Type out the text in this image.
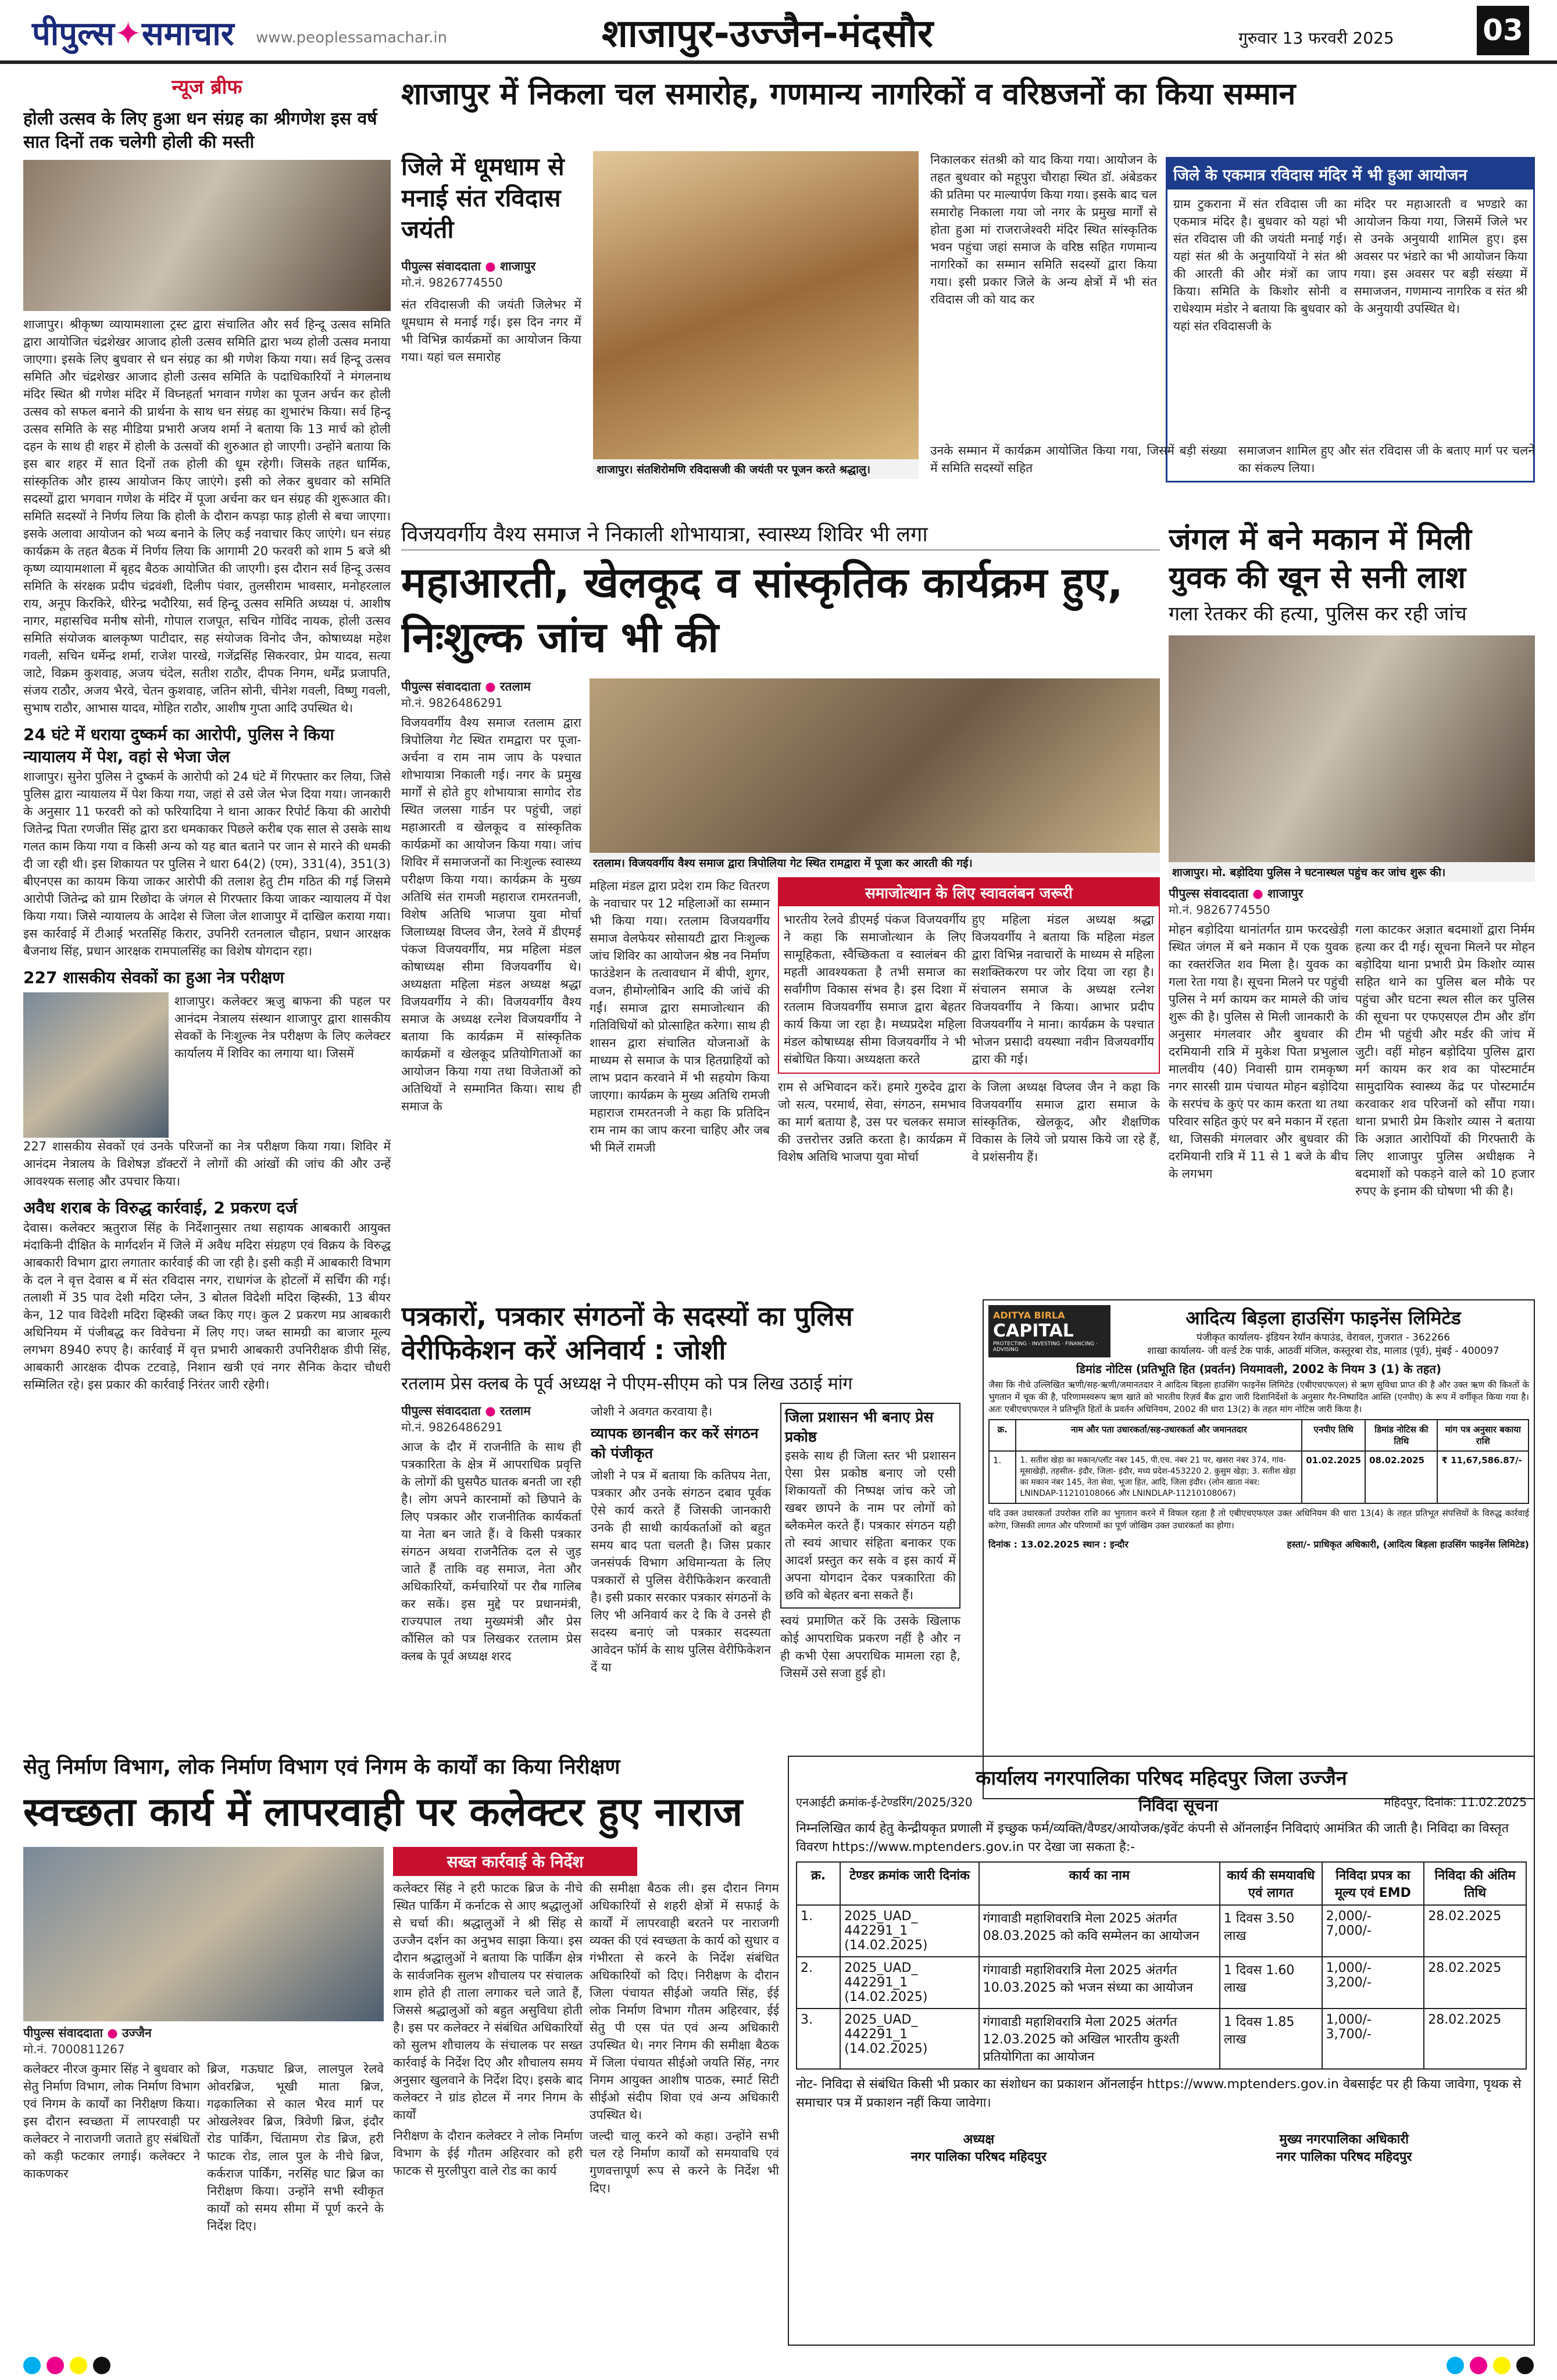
पीपुल्स✦समाचार www.peoplessamachar.in	शाजापुर-उज्जैन-मंदसौर	गुरुवार 13 फरवरी 2025	03
न्यूज ब्रीफ
होली उत्सव के लिए हुआ धन संग्रह का श्रीगणेश इस वर्ष सात दिनों तक चलेगी होली की मस्ती
शाजापुर। श्रीकृष्ण व्यायामशाला ट्रस्ट द्वारा संचालित और सर्व हिन्दू उत्सव समिति द्वारा आयोजित चंद्रशेखर आजाद होली उत्सव समिति द्वारा भव्य होली उत्सव मनाया जाएगा। इसके लिए बुधवार से धन संग्रह का श्री गणेश किया गया। सर्व हिन्दू उत्सव समिति और चंद्रशेखर आजाद होली उत्सव समिति के पदाधिकारियों ने मंगलनाथ मंदिर स्थित श्री गणेश मंदिर में विघ्नहर्ता भगवान गणेश का पूजन अर्चन कर होली उत्सव को सफल बनाने की प्रार्थना के साथ धन संग्रह का शुभारंभ किया। सर्व हिन्दू उत्सव समिति के सह मीडिया प्रभारी अजय शर्मा ने बताया कि 13 मार्च को होली दहन के साथ ही शहर में होली के उत्सवों की शुरुआत हो जाएगी। उन्होंने बताया कि इस बार शहर में सात दिनों तक होली की धूम रहेगी। जिसके तहत धार्मिक, सांस्कृतिक और हास्य आयोजन किए जाएंगे। इसी को लेकर बुधवार को समिति सदस्यों द्वारा भगवान गणेश के मंदिर में पूजा अर्चना कर धन संग्रह की शुरूआत की। समिति सदस्यों ने निर्णय लिया कि होली के दौरान कपड़ा फाड़ होली से बचा जाएगा। इसके अलावा आयोजन को भव्य बनाने के लिए कई नवाचार किए जाएंगे। धन संग्रह कार्यक्रम के तहत बैठक में निर्णय लिया कि आगामी 20 फरवरी को शाम 5 बजे श्री कृष्ण व्यायामशाला में बृहद बैठक आयोजित की जाएगी। इस दौरान सर्व हिन्दू उत्सव समिति के संरक्षक प्रदीप चंद्रवंशी, दिलीप पंवार, तुलसीराम भावसार, मनोहरलाल राय, अनूप किरकिरे, धीरेन्द्र भदौरिया, सर्व हिन्दू उत्सव समिति अध्यक्ष पं. आशीष नागर, महासचिव मनीष सोनी, गोपाल राजपूत, सचिन गोविंद नायक, होली उत्सव समिति संयोजक बालकृष्ण पाटीदार, सह संयोजक विनोद जैन, कोषाध्यक्ष महेश गवली, सचिन धर्मेन्द्र शर्मा, राजेश पारखे, गजेंद्रसिंह सिकरवार, प्रेम यादव, सत्या जाटे, विक्रम कुशवाह, अजय चंदेल, सतीश राठौर, दीपक निगम, धर्मेंद्र प्रजापति, संजय राठौर, अजय भैरवे, चेतन कुशवाह, जतिन सोनी, चीनेश गवली, विष्णु गवली, सुभाष राठौर, आभास यादव, मोहित राठौर, आशीष गुप्ता आदि उपस्थित थे।
24 घंटे में धराया दुष्कर्म का आरोपी, पुलिस ने किया न्यायालय में पेश, वहां से भेजा जेल
शाजापुर। सुनेरा पुलिस ने दुष्कर्म के आरोपी को 24 घंटे में गिरफ्तार कर लिया, जिसे पुलिस द्वारा न्यायालय में पेश किया गया, जहां से उसे जेल भेज दिया गया। जानकारी के अनुसार 11 फरवरी को को फरियादिया ने थाना आकर रिपोर्ट किया की आरोपी जितेन्द्र पिता रणजीत सिंह द्वारा डरा धमकाकर पिछले करीब एक साल से उसके साथ गलत काम किया गया व किसी अन्य को यह बात बताने पर जान से मारने की धमकी दी जा रही थी। इस शिकायत पर पुलिस ने धारा 64(2) (एम), 331(4), 351(3) बीएनएस का कायम किया जाकर आरोपी की तलाश हेतु टीम गठित की गई जिसमे आरोपी जितेन्द्र को ग्राम रिछोदा के जंगल से गिरफ्तार किया जाकर न्यायालय में पेश किया गया। जिसे न्यायालय के आदेश से जिला जेल शाजापुर में दाखिल कराया गया। इस कार्रवाई में टीआई भरतसिंह किरार, उपनिरी रतनलाल चौहान, प्रधान आरक्षक बैजनाथ सिंह, प्रधान आरक्षक रामपालसिंह का विशेष योगदान रहा।
227 शासकीय सेवकों का हुआ नेत्र परीक्षण
शाजापुर। कलेक्टर ऋजु बाफना की पहल पर आनंदम नेत्रालय संस्थान शाजापुर द्वारा शासकीय सेवकों के निःशुल्क नेत्र परीक्षण के लिए कलेक्टर कार्यालय में शिविर का लगाया था। जिसमें
227 शासकीय सेवकों एवं उनके परिजनों का नेत्र परीक्षण किया गया। शिविर में आनंदम नेत्रालय के विशेषज्ञ डॉक्टरों ने लोगों की आंखों की जांच की और उन्हें आवश्यक सलाह और उपचार किया।
अवैध शराब के विरुद्ध कार्रवाई, 2 प्रकरण दर्ज
देवास। कलेक्टर ऋतुराज सिंह के निर्देशानुसार तथा सहायक आबकारी आयुक्त मंदाकिनी दीक्षित के मार्गदर्शन में जिले में अवैध मदिरा संग्रहण एवं विक्रय के विरुद्ध आबकारी विभाग द्वारा लगातार कार्रवाई की जा रही है। इसी कड़ी में आबकारी विभाग के दल ने वृत्त देवास ब में संत रविदास नगर, राधागंज के होटलों में सर्चिंग की गई। तलाशी में 35 पाव देशी मदिरा प्लेन, 3 बोतल विदेशी मदिरा व्हिस्की, 13 बीयर केन, 12 पाव विदेशी मदिरा व्हिस्की जब्त किए गए। कुल 2 प्रकरण मप्र आबकारी अधिनियम में पंजीबद्ध कर विवेचना में लिए गए। जब्त सामग्री का बाजार मूल्य लगभग 8940 रुपए है। कार्रवाई में वृत्त प्रभारी आबकारी उपनिरीक्षक डीपी सिंह, आबकारी आरक्षक दीपक टटवाड़े, निशान खत्री एवं नगर सैनिक केदार चौधरी सम्मिलित रहे। इस प्रकार की कार्रवाई निरंतर जारी रहेगी।
शाजापुर में निकला चल समारोह, गणमान्य नागरिकों व वरिष्ठजनों का किया सम्मान
जिले में धूमधाम से मनाई संत रविदास जयंती
पीपुल्स संवाददाता ● शाजापुर
मो.नं. 9826774550
संत रविदासजी की जयंती जिलेभर में धूमधाम से मनाई गई। इस दिन नगर में भी विभिन्न कार्यक्रमों का आयोजन किया गया। यहां चल समारोह
शाजापुर। संतशिरोमणि रविदासजी की जयंती पर पूजन करते श्रद्धालु।
निकालकर संतश्री को याद किया गया। आयोजन के तहत बुधवार को महूपुरा चौराहा स्थित डॉ. अंबेडकर की प्रतिमा पर माल्यार्पण किया गया। इसके बाद चल समारोह निकाला गया जो नगर के प्रमुख मार्गों से होता हुआ मां राजराजेश्वरी मंदिर स्थित सांस्कृतिक भवन पहुंचा जहां समाज के वरिष्ठ सहित गणमान्य नागरिकों का सम्मान समिति सदस्यों द्वारा किया गया। इसी प्रकार जिले के अन्य क्षेत्रों में भी संत रविदास जी को याद कर
जिले के एकमात्र रविदास मंदिर में भी हुआ आयोजन
ग्राम टुकराना में संत रविदास जी का एकमात्र मंदिर है। बुधवार को यहां भी संत रविदास जी की जयंती मनाई गई। यहां संत श्री के अनुयायियों ने संत श्री की आरती की और मंत्रों का जाप किया। समिति के किशोर सोनी व राधेश्याम मंडोर ने बताया कि बुधवार को यहां संत रविदासजी के
मंदिर पर महाआरती व भण्डारे का आयोजन किया गया, जिसमें जिले भर से उनके अनुयायी शामिल हुए। इस अवसर पर भंडारे का भी आयोजन किया गया। इस अवसर पर बड़ी संख्या में समाजजन, गणमान्य नागरिक व संत श्री के अनुयायी उपस्थित थे।
उनके सम्मान में कार्यक्रम आयोजित किया गया, जिसमें बड़ी संख्या में समिति सदस्यों सहित
समाजजन शामिल हुए और संत रविदास जी के बताए मार्ग पर चलने का संकल्प लिया।
विजयवर्गीय वैश्य समाज ने निकाली शोभायात्रा, स्वास्थ्य शिविर भी लगा
महाआरती, खेलकूद व सांस्कृतिक कार्यक्रम हुए, निःशुल्क जांच भी की
पीपुल्स संवाददाता ● रतलाम
मो.नं. 9826486291
विजयवर्गीय वैश्य समाज रतलाम द्वारा त्रिपोलिया गेट स्थित रामद्वारा पर पूजा-अर्चना व राम नाम जाप के पश्चात शोभायात्रा निकाली गई। नगर के प्रमुख मार्गों से होते हुए शोभायात्रा सागोद रोड स्थित जलसा गार्डन पर पहुंची, जहां महाआरती व खेलकूद व सांस्कृतिक कार्यक्रमों का आयोजन किया गया। जांच शिविर में समाजजनों का निःशुल्क स्वास्थ्य परीक्षण किया गया। कार्यक्रम के मुख्य अतिथि संत रामजी महाराज रामरतनजी, विशेष अतिथि भाजपा युवा मोर्चा जिलाध्यक्ष विप्लव जैन, रेलवे में डीएमई पंकज विजयवर्गीय, मप्र महिला मंडल कोषाध्यक्ष सीमा विजयवर्गीय थे। अध्यक्षता महिला मंडल अध्यक्ष श्रद्धा विजयवर्गीय ने की। विजयवर्गीय वैश्य समाज के अध्यक्ष रत्नेश विजयवर्गीय ने बताया कि कार्यक्रम में सांस्कृतिक कार्यक्रमों व खेलकूद प्रतियोगिताओं का आयोजन किया गया तथा विजेताओं को अतिथियों ने सम्मानित किया। साथ ही समाज के
रतलाम। विजयवर्गीय वैश्य समाज द्वारा त्रिपोलिया गेट स्थित रामद्वारा में पूजा कर आरती की गई।
महिला मंडल द्वारा प्रदेश राम किट वितरण के नवाचार पर 12 महिलाओं का सम्मान भी किया गया। रतलाम विजयवर्गीय समाज वेलफेयर सोसायटी द्वारा निःशुल्क जांच शिविर का आयोजन श्रेष्ठ नव निर्माण फाउंडेशन के तत्वावधान में बीपी, शुगर, वजन, हीमोग्लोबिन आदि की जांचें की गईं। समाज द्वारा समाजोत्थान की गतिविधियों को प्रोत्साहित करेगा। साथ ही शासन द्वारा संचालित योजनाओं के माध्यम से समाज के पात्र हितग्राहियों को लाभ प्रदान करवाने में भी सहयोग किया जाएगा। कार्यक्रम के मुख्य अतिथि रामजी महाराज रामरतनजी ने कहा कि प्रतिदिन राम नाम का जाप करना चाहिए और जब भी मिलें रामजी
समाजोत्थान के लिए स्वावलंबन जरूरी
भारतीय रेलवे डीएमई पंकज विजयवर्गीय ने कहा कि समाजोत्थान के लिए सामूहिकता, स्वैच्छिकता व स्वालंबन की महती आवश्यकता है तभी समाज का सर्वांगीण विकास संभव है। इस दिशा में रतलाम विजयवर्गीय समाज द्वारा बेहतर कार्य किया जा रहा है। मध्यप्रदेश महिला मंडल कोषाध्यक्ष सीमा विजयवर्गीय ने भी संबोधित किया। अध्यक्षता करते
हुए महिला मंडल अध्यक्ष श्रद्धा विजयवर्गीय ने बताया कि महिला मंडल द्वारा विभिन्न नवाचारों के माध्यम से महिला सशक्तिकरण पर जोर दिया जा रहा है। संचालन समाज के अध्यक्ष रत्नेश विजयवर्गीय ने किया। आभार प्रदीप विजयवर्गीय ने माना। कार्यक्रम के पश्चात भोजन प्रसादी वयस्थाा नवीन विजयवर्गीय द्वारा की गई।
राम से अभिवादन करें। हमारे गुरुदेव द्वारा जो सत्य, परमार्थ, सेवा, संगठन, समभाव का मार्ग बताया है, उस पर चलकर समाज की उत्तरोत्तर उन्नति करता है। कार्यक्रम में विशेष अतिथि भाजपा युवा मोर्चा
के जिला अध्यक्ष विप्लव जैन ने कहा कि विजयवर्गीय समाज द्वारा समाज के सांस्कृतिक, खेलकूद, और शैक्षणिक विकास के लिये जो प्रयास किये जा रहे हैं, वे प्रशंसनीय हैं।
जंगल में बने मकान में मिली युवक की खून से सनी लाश
गला रेतकर की हत्या, पुलिस कर रही जांच
शाजापुर। मो. बड़ोदिया पुलिस ने घटनास्थल पहुंच कर जांच शुरू की।
पीपुल्स संवाददाता ● शाजापुर
मो.नं. 9826774550
मोहन बड़ोदिया थानांतर्गत ग्राम फरदखेड़ी स्थित जंगल में बने मकान में एक युवक का रक्तरंजित शव मिला है। युवक का गला रेता गया है। सूचना मिलने पर पहुंची पुलिस ने मर्ग कायम कर मामले की जांच शुरू की है। पुलिस से मिली जानकारी के अनुसार मंगलवार और बुधवार की दरमियानी रात्रि में मुकेश पिता प्रभुलाल मालवीय (40) निवासी ग्राम रामकृष्ण नगर सारसी ग्राम पंचायत मोहन बड़ोदिया के सरपंच के कुएं पर काम करता था तथा परिवार सहित कुएं पर बने मकान में रहता था, जिसकी मंगलवार और बुधवार की दरमियानी रात्रि में 11 से 1 बजे के बीच के लगभग
गला काटकर अज्ञात बदमाशों द्वारा निर्मम हत्या कर दी गई। सूचना मिलने पर मोहन बड़ोदिया थाना प्रभारी प्रेम किशोर व्यास सहित थाने का पुलिस बल मौके पर पहुंचा और घटना स्थल सील कर पुलिस की सूचना पर एफएसएल टीम और डॉग टीम भी पहुंची और मर्डर की जांच में जुटी। वहीं मोहन बड़ोदिया पुलिस द्वारा मर्ग कायम कर शव का पोस्टमार्टम सामुदायिक स्वास्थ्य केंद्र पर पोस्टमार्टम करवाकर शव परिजनों को सौंपा गया। थाना प्रभारी प्रेम किशोर व्यास ने बताया कि अज्ञात आरोपियों की गिरफ्तारी के लिए शाजापुर पुलिस अधीक्षक ने बदमाशों को पकड़ने वाले को 10 हजार रुपए के इनाम की घोषणा भी की है।
पत्रकारों, पत्रकार संगठनों के सदस्यों का पुलिस वेरीफिकेशन करें अनिवार्य : जोशी
रतलाम प्रेस क्लब के पूर्व अध्यक्ष ने पीएम-सीएम को पत्र लिख उठाई मांग
पीपुल्स संवाददाता ● रतलाम
मो.नं. 9826486291
आज के दौर में राजनीति के साथ ही पत्रकारिता के क्षेत्र में आपराधिक प्रवृत्ति के लोगों की घुसपैठ घातक बनती जा रही है। लोग अपने कारनामों को छिपाने के लिए पत्रकार और राजनीतिक कार्यकर्ता या नेता बन जाते हैं। वे किसी पत्रकार संगठन अथवा राजनैतिक दल से जुड़ जाते हैं ताकि वह समाज, नेता और अधिकारियों, कर्मचारियों पर रौब गालिब कर सकें। इस मुद्दे पर प्रधानमंत्री, राज्यपाल तथा मुख्यमंत्री और प्रेस कौंसिल को पत्र लिखकर रतलाम प्रेस क्लब के पूर्व अध्यक्ष शरद
जोशी ने अवगत करवाया है।
व्यापक छानबीन कर करें संगठन को पंजीकृत
जोशी ने पत्र में बताया कि कतिपय नेता, पत्रकार और उनके संगठन दबाव पूर्वक ऐसे कार्य करते हैं जिसकी जानकारी उनके ही साथी कार्यकर्ताओं को बहुत समय बाद पता चलती है। जिस प्रकार जनसंपर्क विभाग अधिमान्यता के लिए पत्रकारों से पुलिस वेरीफिकेशन करवाती है। इसी प्रकार सरकार पत्रकार संगठनों के लिए भी अनिवार्य कर दे कि वे उनसे ही सदस्य बनाएं जो पत्रकार सदस्यता आवेदन फॉर्म के साथ पुलिस वेरीफिकेशन दें या
जिला प्रशासन भी बनाए प्रेस प्रकोष्ठ
इसके साथ ही जिला स्तर भी प्रशासन ऐसा प्रेस प्रकोष्ठ बनाए जो एसी शिकायतों की निष्पक्ष जांच करे जो खबर छापने के नाम पर लोगों को ब्लैकमेल करते हैं। पत्रकार संगठन यही तो स्वयं आचार संहिता बनाकर एक आदर्श प्रस्तुत कर सके व इस कार्य में अपना योगदान देकर पत्रकारिता की छवि को बेहतर बना सकते हैं।
स्वयं प्रमाणित करें कि उसके खिलाफ कोई आपराधिक प्रकरण नहीं है और न ही कभी ऐसा अपराधिक मामला रहा है, जिसमें उसे सजा हुई हो।
ADITYA BIRLA
CAPITAL
PROTECTING · INVESTING · FINANCING · ADVISING
आदित्य बिड़ला हाउसिंग फाइनेंस लिमिटेड
पंजीकृत कार्यालय- इंडियन रेयॉन कंपाउंड, वेरावल, गुजरात - 362266
शाखा कार्यालय- जी वर्ल्ड टेक पार्क, आठवीं मंजिल, कस्तूरबा रोड, मालाड (पूर्व), मुंबई - 400097
डिमांड नोटिस (प्रतिभूति हित (प्रवर्तन) नियमावली, 2002 के नियम 3 (1) के तहत)
जैसा कि नीचे उल्लिखित ऋणी/सह-ऋणी/जमानतदार ने आदित्य बिड़ला हाउसिंग फाइनेंस लिमिटेड (एबीएचएफएल) से ऋण सुविधा प्राप्त की है और उक्त ऋण की किश्तों के भुगतान में चूक की है, परिणामस्वरूप ऋण खाते को भारतीय रिज़र्व बैंक द्वारा जारी दिशानिर्देशों के अनुसार गैर-निष्पादित आस्ति (एनपीए) के रूप में वर्गीकृत किया गया है। अतः एबीएचएफएल ने प्रतिभूति हितों के प्रवर्तन अधिनियम, 2002 की धारा 13(2) के तहत मांग नोटिस जारी किया है।
क्र.	नाम और पता उधारकर्ता/सह-उधारकर्ता और जमानतदार	एनपीए तिथि	डिमांड नोटिस की तिथि	मांग पत्र अनुसार बकाया राशि
1.	1. सतीश खेड़ा का मकान/प्लॉट नंबर 145, पी.एच. नंबर 21 पर, खसरा नंबर 374, गांव- मूसाखेड़ी, तहसील- इंदौर, जिला- इंदौर, मध्य प्रदेश-453220 2. कुसुम खेड़ा; 3. सतीश खेड़ा का मकान नंबर 145, नेता सेवा, भूजा हित, आदि, जिला इंदौर। (लोन खाता नंबर: LNINDAP-11210108066 और LNINDLAP-11210108067)	01.02.2025	08.02.2025	₹ 11,67,586.87/-
यदि उक्त उधारकर्ता उपरोक्त राशि का भुगतान करने में विफल रहता है तो एबीएचएफएल उक्त अधिनियम की धारा 13(4) के तहत प्रतिभूत संपत्तियों के विरुद्ध कार्रवाई करेगा, जिसकी लागत और परिणामों का पूर्ण जोखिम उक्त उधारकर्ता का होगा।
दिनांक : 13.02.2025 स्थान : इन्दौर	हस्ता/- प्राधिकृत अधिकारी, (आदित्य बिड़ला हाउसिंग फाइनेंस लिमिटेड)
सेतु निर्माण विभाग, लोक निर्माण विभाग एवं निगम के कार्यों का किया निरीक्षण
स्वच्छता कार्य में लापरवाही पर कलेक्टर हुए नाराज
पीपुल्स संवाददाता ● उज्जैन
मो.नं. 7000811267
कलेक्टर नीरज कुमार सिंह ने बुधवार को सेतु निर्माण विभाग, लोक निर्माण विभाग एवं निगम के कार्यों का निरीक्षण किया। इस दौरान स्वच्छता में लापरवाही पर कलेक्टर ने नाराजगी जताते हुए संबंधितों को कड़ी फटकार लगाई। कलेक्टर ने काकणकर
ब्रिज, गऊघाट ब्रिज, लालपुल रेलवे ओवरब्रिज, भूखी माता ब्रिज, गढ़कालिका से काल भैरव मार्ग पर ओखलेश्वर ब्रिज, त्रिवेणी ब्रिज, इंदौर रोड पार्किंग, चिंतामण रोड ब्रिज, हरी फाटक रोड, लाल पुल के नीचे ब्रिज, कर्कराज पार्किंग, नरसिंह घाट ब्रिज का निरीक्षण किया। उन्होंने सभी स्वीकृत कार्यों को समय सीमा में पूर्ण करने के निर्देश दिए।
सख्त कार्रवाई के निर्देश
कलेक्टर सिंह ने हरी फाटक ब्रिज के नीचे स्थित पार्किंग में कर्नाटक से आए श्रद्धालुओं से चर्चा की। श्रद्धालुओं ने श्री सिंह से उज्जैन दर्शन का अनुभव साझा किया। इस दौरान श्रद्धालुओं ने बताया कि पार्किंग क्षेत्र के सार्वजनिक सुलभ शौचालय पर संचालक शाम होते ही ताला लगाकर चले जाते हैं, जिससे श्रद्धालुओं को बहुत असुविधा होती है। इस पर कलेक्टर ने संबंधित अधिकारियों को सुलभ शौचालय के संचालक पर सख्त कार्रवाई के निर्देश दिए और शौचालय समय अनुसार खुलवाने के निर्देश दिए। इसके बाद कलेक्टर ने ग्रांड होटल में नगर निगम के कार्यों
की समीक्षा बैठक ली। इस दौरान निगम अधिकारियों से शहरी क्षेत्रों में सफाई के कार्यों में लापरवाही बरतने पर नाराजगी व्यक्त की एवं स्वच्छता के कार्य को सुधार व गंभीरता से करने के निर्देश संबंधित अधिकारियों को दिए। निरीक्षण के दौरान जिला पंचायत सीईओ जयति सिंह, ईई लोक निर्माण विभाग गौतम अहिरवार, ईई सेतु पी एस पंत एवं अन्य अधिकारी उपस्थित थे। नगर निगम की समीक्षा बैठक में जिला पंचायत सीईओ जयति सिंह, नगर निगम आयुक्त आशीष पाठक, स्मार्ट सिटी सीईओ संदीप शिवा एवं अन्य अधिकारी उपस्थित थे।
निरीक्षण के दौरान कलेक्टर ने लोक निर्माण विभाग के ईई गौतम अहिरवार को हरी फाटक से मुरलीपुरा वाले रोड का कार्य
जल्दी चालू करने को कहा। उन्होंने सभी चल रहे निर्माण कार्यों को समयावधि एवं गुणवत्तापूर्ण रूप से करने के निर्देश भी दिए।
कार्यालय नगरपालिका परिषद महिदपुर जिला उज्जैन
एनआईटी क्रमांक-ई-टेण्डरिंग/2025/320	निविदा सूचना	महिदपुर, दिनांक: 11.02.2025
निम्नलिखित कार्य हेतु केन्द्रीयकृत प्रणाली में इच्छुक फर्म/व्यक्ति/वैण्डर/आयोजक/इवेंट कंपनी से ऑनलाईन निविदाएं आमंत्रित की जाती है। निविदा का विस्तृत विवरण https://www.mptenders.gov.in पर देखा जा सकता है:-
क्र.	टेण्डर क्रमांक जारी दिनांक	कार्य का नाम	कार्य की समयावधि एवं लागत	निविदा प्रपत्र का मूल्य एवं EMD	निविदा की अंतिम तिथि
1.	2025_UAD_ 442291_1 (14.02.2025)	गंगावाडी महाशिवरात्रि मेला 2025 अंतर्गत 08.03.2025 को कवि सम्मेलन का आयोजन	1 दिवस 3.50 लाख	2,000/- 7,000/-	28.02.2025
2.	2025_UAD_ 442291_1 (14.02.2025)	गंगावाडी महाशिवरात्रि मेला 2025 अंतर्गत 10.03.2025 को भजन संध्या का आयोजन	1 दिवस 1.60 लाख	1,000/- 3,200/-	28.02.2025
3.	2025_UAD_ 442291_1 (14.02.2025)	गंगावाडी महाशिवरात्रि मेला 2025 अंतर्गत 12.03.2025 को अखिल भारतीय कुश्ती प्रतियोगिता का आयोजन	1 दिवस 1.85 लाख	1,000/- 3,700/-	28.02.2025
नोट- निविदा से संबंधित किसी भी प्रकार का संशोधन का प्रकाशन ऑनलाईन https://www.mptenders.gov.in वेबसाईट पर ही किया जावेगा, पृथक से समाचार पत्र में प्रकाशन नहीं किया जावेगा।
अध्यक्ष
नगर पालिका परिषद महिदपुर
मुख्य नगरपालिका अधिकारी
नगर पालिका परिषद महिदपुर
